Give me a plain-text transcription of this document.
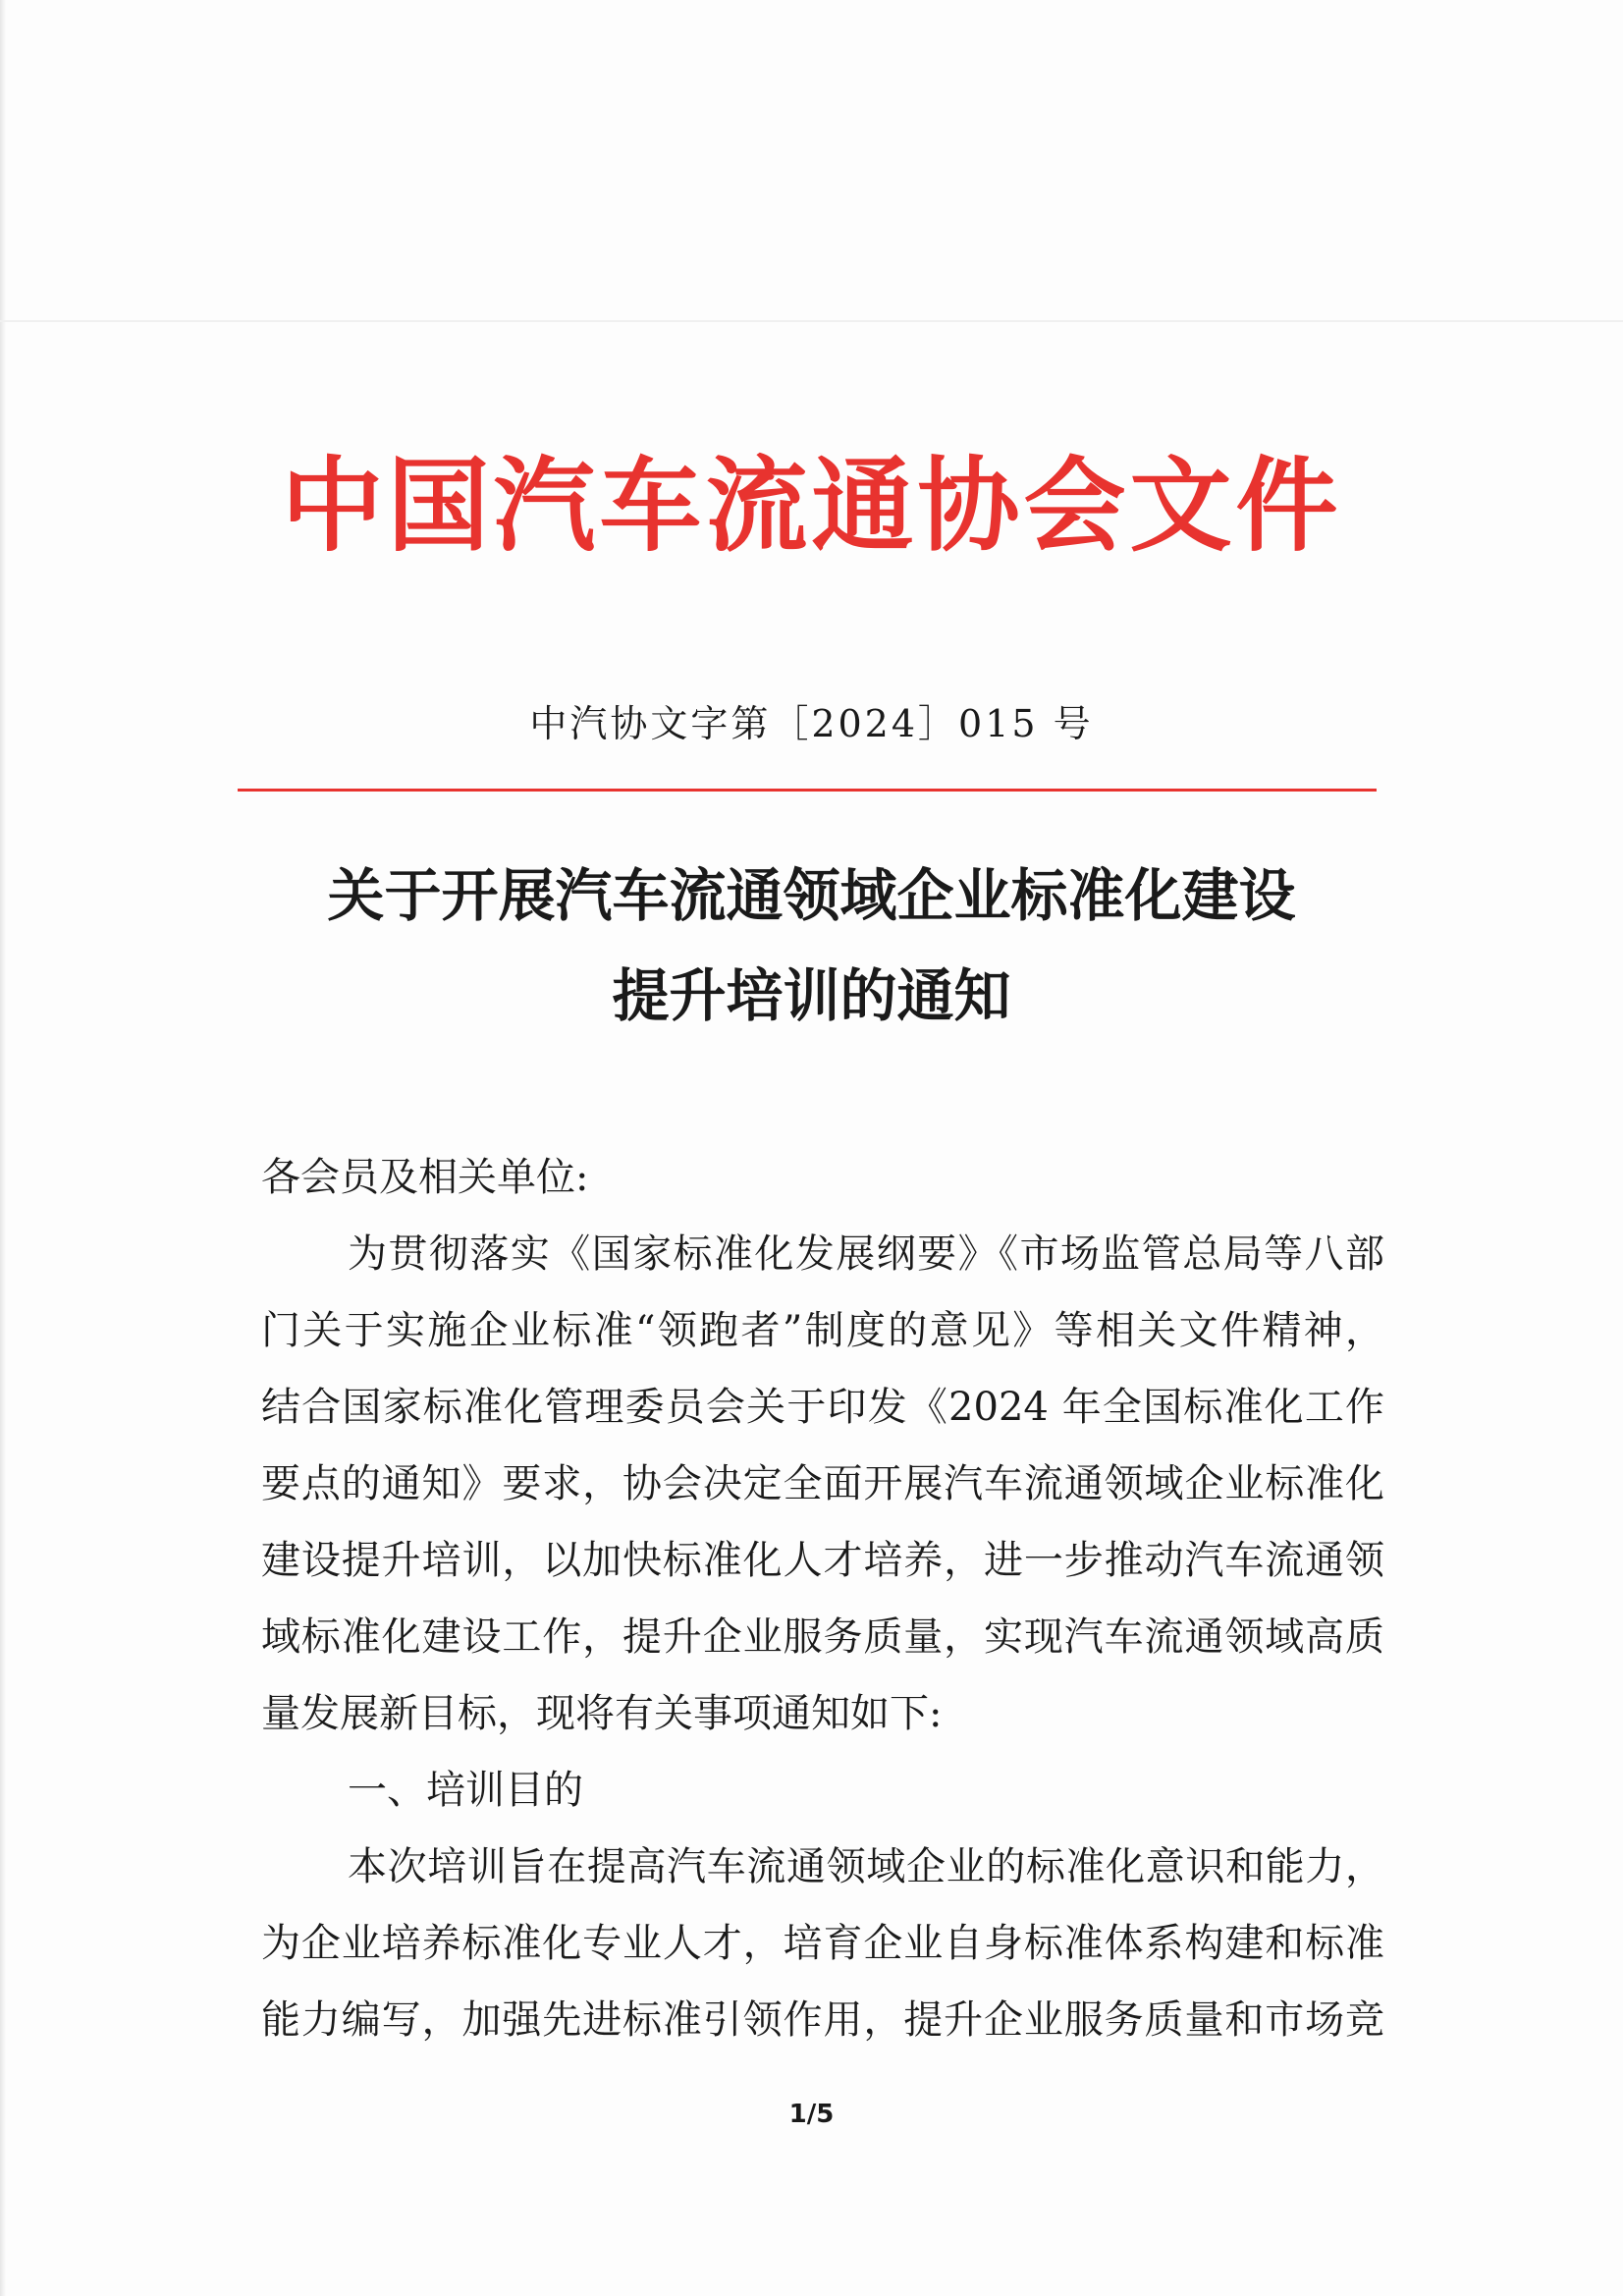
中国汽车流通协会文件
中汽协文字第［2024］015 号
关于开展汽车流通领域企业标准化建设
提升培训的通知
各会员及相关单位:
为贯彻落实《国家标准化发展纲要》《市场监管总局等八部
门关于实施企业标准“领跑者”制度的意见》等相关文件精神，
结合国家标准化管理委员会关于印发《2024 年全国标准化工作
要点的通知》要求，协会决定全面开展汽车流通领域企业标准化
建设提升培训，以加快标准化人才培养，进一步推动汽车流通领
域标准化建设工作，提升企业服务质量，实现汽车流通领域高质
量发展新目标，现将有关事项通知如下:
一、培训目的
本次培训旨在提高汽车流通领域企业的标准化意识和能力，
为企业培养标准化专业人才，培育企业自身标准体系构建和标准
能力编写，加强先进标准引领作用，提升企业服务质量和市场竞
1/5
